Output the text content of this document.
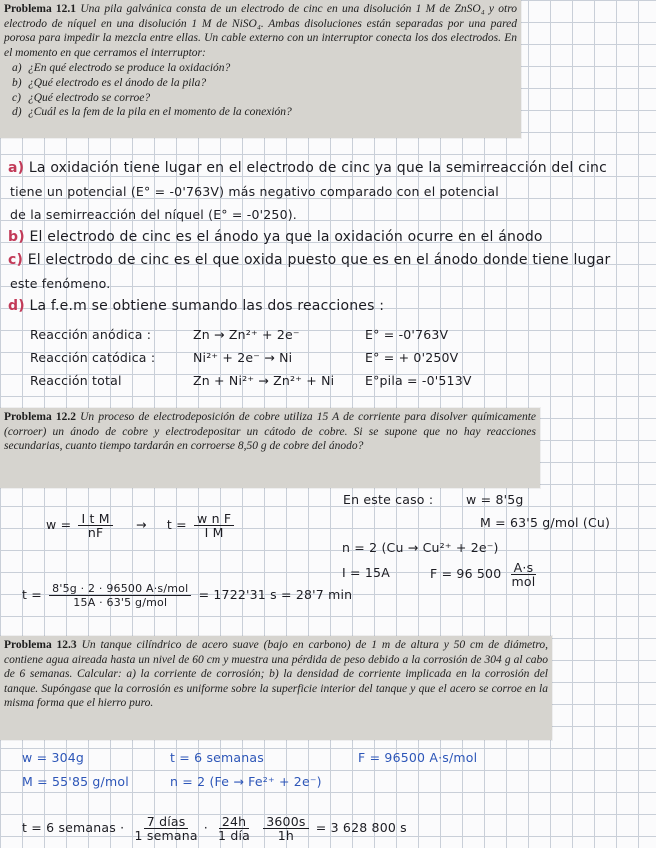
Problema 12.1 Una pila galvánica consta de un electrodo de cinc en una disolución 1 M de ZnSO₄ y otro electrodo de níquel en una disolución 1 M de NiSO₄. Ambas disoluciones están separadas por una pared porosa para impedir la mezcla entre ellas. Un cable externo con un interruptor conecta los dos electrodos. En el momento en que cerramos el interruptor:
a) ¿En qué electrodo se produce la oxidación?
b) ¿Qué electrodo es el ánodo de la pila?
c) ¿Qué electrodo se corroe?
d) ¿Cuál es la fem de la pila en el momento de la conexión?
a) La oxidación tiene lugar en el electrodo de cinc ya que la semirreacción del cinc
tiene un potencial (E° = -0'763V) más negativo comparado con el potencial
de la semirreacción del níquel (E° = -0'250).
b) El electrodo de cinc es el ánodo ya que la oxidación ocurre en el ánodo
c) El electrodo de cinc es el que oxida puesto que es en el ánodo donde tiene lugar
este fenómeno.
d) La f.e.m se obtiene sumando las dos reacciones :
Reacción anódica :	Zn → Zn²⁺ + 2e⁻	E° = -0'763V
Reacción catódica :	Ni²⁺ + 2e⁻ → Ni	E° = + 0'250V
Reacción total	Zn + Ni²⁺ → Zn²⁺ + Ni E°pila = -0'513V
Problema 12.2 Un proceso de electrodeposición de cobre utiliza 15 A de corriente para disolver químicamente (corroer) un ánodo de cobre y electrodepositar un cátodo de cobre. Si se supone que no hay reacciones secundarias, cuanto tiempo tardarán en corroerse 8,50 g de cobre del ánodo?
En este caso :	w = 8'5g
M = 63'5 g/mol (Cu)
$w = \frac{\text{I t M}}{nF} \to t = \frac{\text{w n F}}{\text{I M}}$
n = 2 (Cu → Cu²⁺ + 2e⁻)
I = 15A	F = 96 $500 \frac{A\cdot s}{\text{mol}}$
$t = \frac{\text{8'5g · 2 · 96500 A·s/mol}}{\text{15A · 63'5 g/mol}} = 1722'31$ s = 28'7 min
Problema 12.3 Un tanque cilíndrico de acero suave (bajo en carbono) de 1 m de altura y 50 cm de diámetro, contiene agua aireada hasta un nivel de 60 cm y muestra una pérdida de peso debido a la corrosión de 304 g al cabo de 6 semanas. Calcular: a) la corriente de corrosión; b) la densidad de corriente implicada en la corrosión del tanque. Supóngase que la corrosión es uniforme sobre la superficie interior del tanque y que el acero se corroe en la misma forma que el hierro puro.
w = 304g	t = 6 semanas	F = 96500 A·s/mol
M = 55'85 g/mol	n = 2 (Fe → Fe²⁺ + 2e⁻)
t = 6 semanas · $\frac{\text{7 días}}{\text{1 semana}} \cdot \frac{24h}{\text{1 día}}$
$\frac{3600s}{1h} = 3$ 628 800 s
